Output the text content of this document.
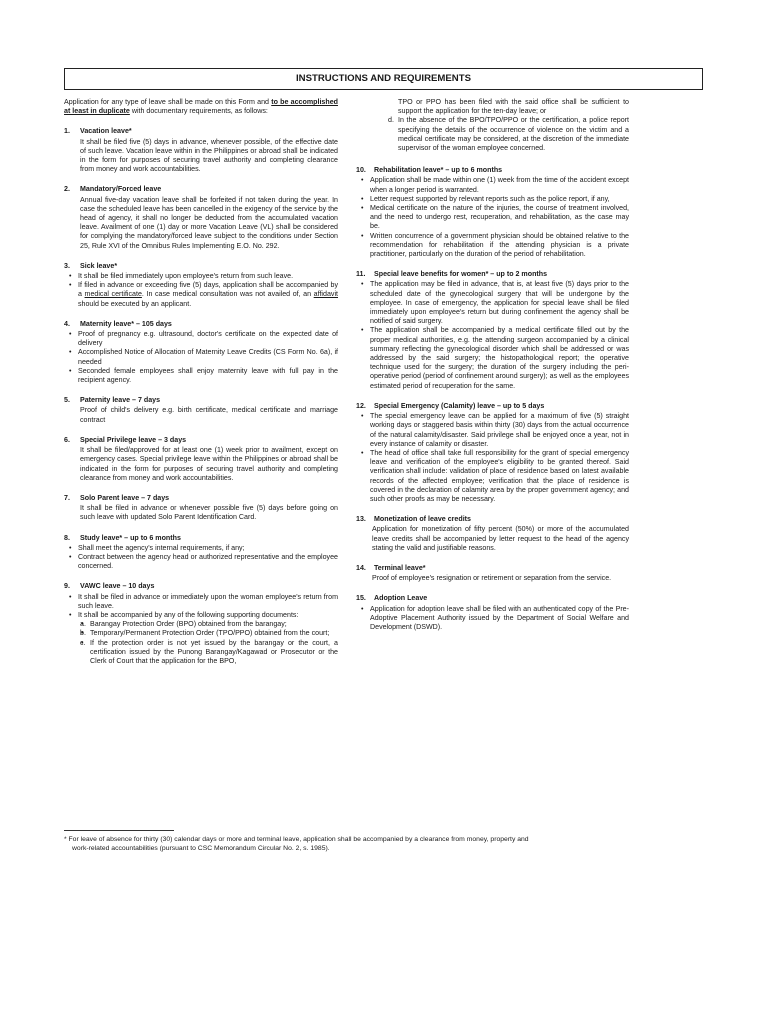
INSTRUCTIONS AND REQUIREMENTS

Application for any type of leave shall be made on this Form and to be accomplished at least in duplicate with documentary requirements, as follows:

1.	Vacation leave*

It shall be filed five (5) days in advance, whenever possible, of the effective date of such leave. Vacation leave within in the Philippines or abroad shall be indicated in the form for purposes of securing travel authority and completing clearance from money and work accountabilities.

2.	Mandatory/Forced leave

Annual five-day vacation leave shall be forfeited if not taken during the year. In case the scheduled leave has been cancelled in the exigency of the service by the head of agency, it shall no longer be deducted from the accumulated vacation leave. Availment of one (1) day or more Vacation Leave (VL) shall be considered for complying the mandatory/forced leave subject to the conditions under Section 25, Rule XVI of the Omnibus Rules Implementing E.O. No. 292.

3.	Sick leave*
• It shall be filed immediately upon employee's return from such leave.
• If filed in advance or exceeding five (5) days, application shall be accompanied by a medical certificate. In case medical consultation was not availed of, an affidavit should be executed by an applicant.
4.	Maternity leave* – 105 days
• Proof of pregnancy e.g. ultrasound, doctor's certificate on the expected date of delivery
• Accomplished Notice of Allocation of Maternity Leave Credits (CS Form No. 6a), if needed
• Seconded female employees shall enjoy maternity leave with full pay in the recipient agency.
5.	Paternity leave – 7 days

Proof of child's delivery e.g. birth certificate, medical certificate and marriage contract

6.	Special Privilege leave – 3 days

It shall be filed/approved for at least one (1) week prior to availment, except on emergency cases. Special privilege leave within the Philippines or abroad shall be indicated in the form for purposes of securing travel authority and completing clearance from money and work accountabilities.

7.	Solo Parent leave – 7 days

It shall be filed in advance or whenever possible five (5) days before going on such leave with updated Solo Parent Identification Card.

8.	Study leave* – up to 6 months
• Shall meet the agency's internal requirements, if any;
• Contract between the agency head or authorized representative and the employee concerned.
9.	VAWC leave – 10 days
• It shall be filed in advance or immediately upon the woman employee's return from such leave.
• It shall be accompanied by any of the following supporting documents:
• a. Barangay Protection Order (BPO) obtained from the barangay;
• b. Temporary/Permanent Protection Order (TPO/PPO) obtained from the court;
• c. If the protection order is not yet issued by the barangay or the court, a certification issued by the Punong Barangay/Kagawad or Prosecutor or the Clerk of Court that the application for the BPO,

TPO or PPO has been filed with the said office shall be sufficient to support the application for the ten-day leave; or

d. In the absence of the BPO/TPO/PPO or the certification, a police report specifying the details of the occurrence of violence on the victim and a medical certificate may be considered, at the discretion of the immediate supervisor of the woman employee concerned.
10.	Rehabilitation leave* – up to 6 months
• Application shall be made within one (1) week from the time of the accident except when a longer period is warranted.
• Letter request supported by relevant reports such as the police report, if any,
• Medical certificate on the nature of the injuries, the course of treatment involved, and the need to undergo rest, recuperation, and rehabilitation, as the case may be.
• Written concurrence of a government physician should be obtained relative to the recommendation for rehabilitation if the attending physician is a private practitioner, particularly on the duration of the period of rehabilitation.
11.	Special leave benefits for women* – up to 2 months
• The application may be filed in advance, that is, at least five (5) days prior to the scheduled date of the gynecological surgery that will be undergone by the employee. In case of emergency, the application for special leave shall be filed immediately upon employee's return but during confinement the agency shall be notified of said surgery.
• The application shall be accompanied by a medical certificate filled out by the proper medical authorities, e.g. the attending surgeon accompanied by a clinical summary reflecting the gynecological disorder which shall be addressed or was addressed by the said surgery; the histopathological report; the operative technique used for the surgery; the duration of the surgery including the peri-operative period (period of confinement around surgery); as well as the employees estimated period of recuperation for the same.
12.	Special Emergency (Calamity) leave – up to 5 days
• The special emergency leave can be applied for a maximum of five (5) straight working days or staggered basis within thirty (30) days from the actual occurrence of the natural calamity/disaster. Said privilege shall be enjoyed once a year, not in every instance of calamity or disaster.
• The head of office shall take full responsibility for the grant of special emergency leave and verification of the employee's eligibility to be granted thereof. Said verification shall include: validation of place of residence based on latest available records of the affected employee; verification that the place of residence is covered in the declaration of calamity area by the proper government agency; and such other proofs as may be necessary.
13.	Monetization of leave credits

Application for monetization of fifty percent (50%) or more of the accumulated leave credits shall be accompanied by letter request to the head of the agency stating the valid and justifiable reasons.

14.	Terminal leave*

Proof of employee's resignation or retirement or separation from the service.

15.	Adoption Leave
• Application for adoption leave shall be filed with an authenticated copy of the Pre-Adoptive Placement Authority issued by the Department of Social Welfare and Development (DSWD).
* For leave of absence for thirty (30) calendar days or more and terminal leave, application shall be accompanied by a clearance from money, property and
work-related accountabilities (pursuant to CSC Memorandum Circular No. 2, s. 1985).
